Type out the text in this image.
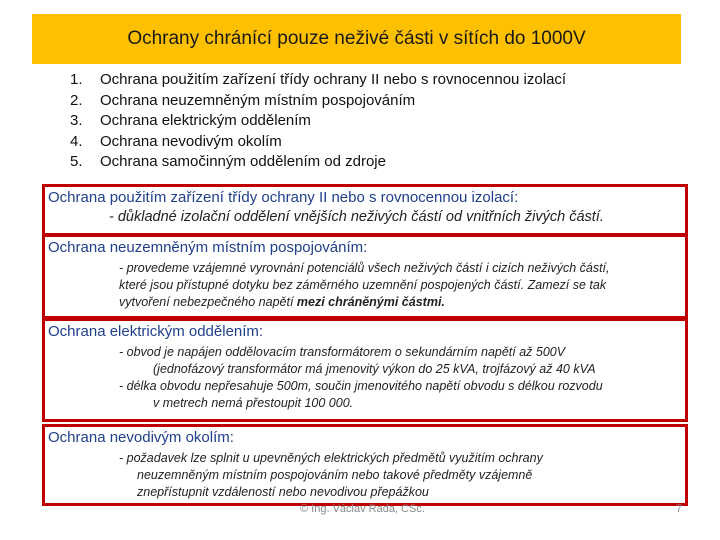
Ochrany chránící pouze neživé části v sítích do 1000V
1.	Ochrana použitím zařízení třídy ochrany II nebo s rovnocennou izolací
2.	Ochrana neuzemněným místním pospojováním
3.	Ochrana elektrickým oddělením
4.	Ochrana nevodivým okolím
5.	Ochrana samočinným oddělením od zdroje
Ochrana použitím zařízení třídy ochrany II nebo s rovnocennou izolací:
- důkladné izolační oddělení vnějších neživých částí od vnitřních živých částí.
Ochrana neuzemněným místním pospojováním:
- provedeme vzájemné vyrovnání potenciálů všech neživých částí i cizích neživých částí,
které jsou přístupné dotyku bez záměrného uzemnění pospojených částí. Zamezí se tak
vytvoření nebezpečného napětí mezi chráněnými částmi.
Ochrana elektrickým oddělením:
- obvod je napájen oddělovacím transformátorem o sekundárním napětí až 500V
(jednofázový transformátor má jmenovitý výkon do 25 kVA, trojfázový až 40 kVA
- délka obvodu nepřesahuje 500m, součin jmenovitého napětí obvodu s délkou rozvodu
v metrech nemá přestoupit 100 000.
Ochrana nevodivým okolím:
- požadavek lze splnit u upevněných elektrických předmětů využitím ochrany
neuzemněným místním pospojováním nebo takové předměty vzájemně
znepřístupnit vzdáleností nebo nevodivou přepážkou
© Ing. Václav Rada, CSc.	7
